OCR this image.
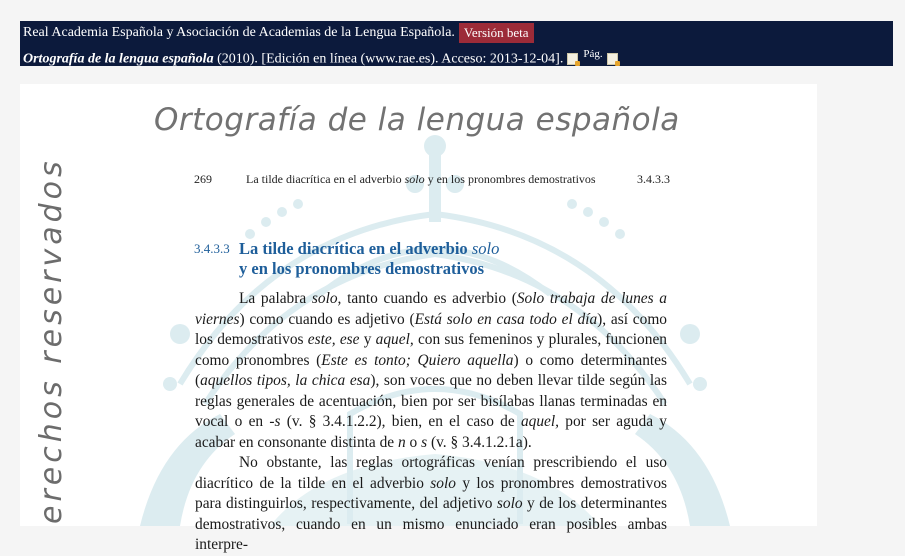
Real Academia Española y Asociación de Academias de la Lengua Española. Versión beta
Ortografía de la lengua española (2010). [Edición en línea (www.rae.es). Acceso: 2013-12-04]. $^{Pág.}$
erechos reservados
Ortografía de la lengua española
269	La tilde diacrítica en el adverbio solo y en los pronombres demostrativos	3.4.3.3
3.4.3.3 La tilde diacrítica en el adverbio solo
y en los pronombres demostrativos

La palabra solo, tanto cuando es adverbio (Solo trabaja de lunes a viernes) como cuando es adjetivo (Está solo en casa todo el día), así como los demostrativos este, ese y aquel, con sus femeninos y plurales, funcionen como pronombres (Este es tonto; Quiero aquella) o como determinantes (aquellos tipos, la chica esa), son voces que no deben llevar tilde según las reglas generales de acentuación, bien por ser bisílabas llanas terminadas en vocal o en -s (v. § 3.4.1.2.2), bien, en el caso de aquel, por ser aguda y acabar en consonante distinta de n o s (v. § 3.4.1.2.1a).

No obstante, las reglas ortográficas venían prescribiendo el uso diacrítico de la tilde en el adverbio solo y los pronombres demostrativos para distinguirlos, respectivamente, del adjetivo solo y de los determinantes demostrativos, cuando en un mismo enunciado eran posibles ambas interpre-
